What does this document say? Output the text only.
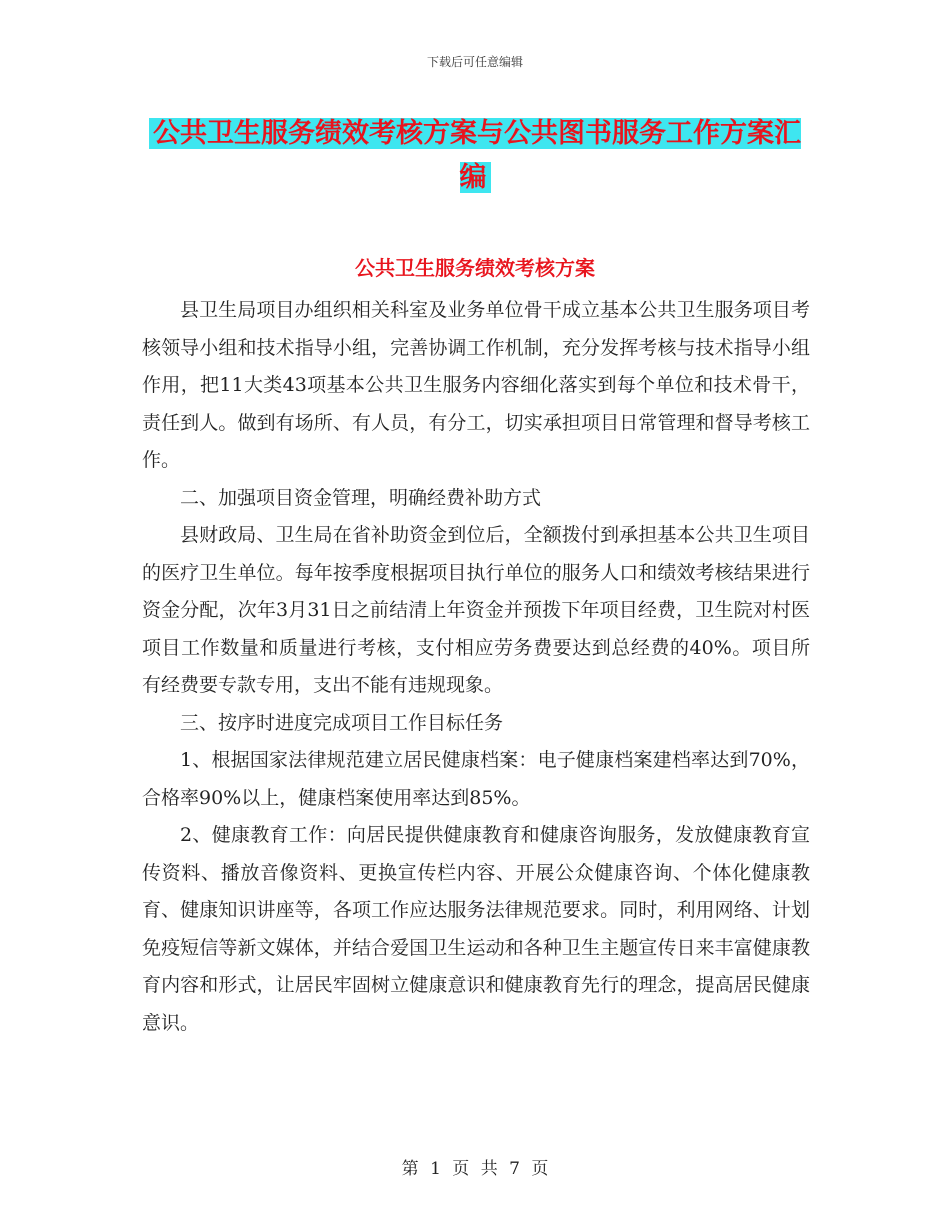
下载后可任意编辑
公共卫生服务绩效考核方案与公共图书服务工作方案汇编
公共卫生服务绩效考核方案

县卫生局项目办组织相关科室及业务单位骨干成立基本公共卫生服务项目考核领导小组和技术指导小组，完善协调工作机制，充分发挥考核与技术指导小组作用，把11大类43项基本公共卫生服务内容细化落实到每个单位和技术骨干，责任到人。做到有场所、有人员，有分工，切实承担项目日常管理和督导考核工作。

二、加强项目资金管理，明确经费补助方式

县财政局、卫生局在省补助资金到位后，全额拨付到承担基本公共卫生项目的医疗卫生单位。每年按季度根据项目执行单位的服务人口和绩效考核结果进行资金分配，次年3月31日之前结清上年资金并预拨下年项目经费，卫生院对村医项目工作数量和质量进行考核，支付相应劳务费要达到总经费的40%。项目所有经费要专款专用，支出不能有违规现象。

三、按序时进度完成项目工作目标任务

1、根据国家法律规范建立居民健康档案：电子健康档案建档率达到70%，合格率90%以上，健康档案使用率达到85%。

2、健康教育工作：向居民提供健康教育和健康咨询服务，发放健康教育宣传资料、播放音像资料、更换宣传栏内容、开展公众健康咨询、个体化健康教育、健康知识讲座等，各项工作应达服务法律规范要求。同时，利用网络、计划免疫短信等新文媒体，并结合爱国卫生运动和各种卫生主题宣传日来丰富健康教育内容和形式，让居民牢固树立健康意识和健康教育先行的理念，提高居民健康意识。

第 1 页 共 7 页
